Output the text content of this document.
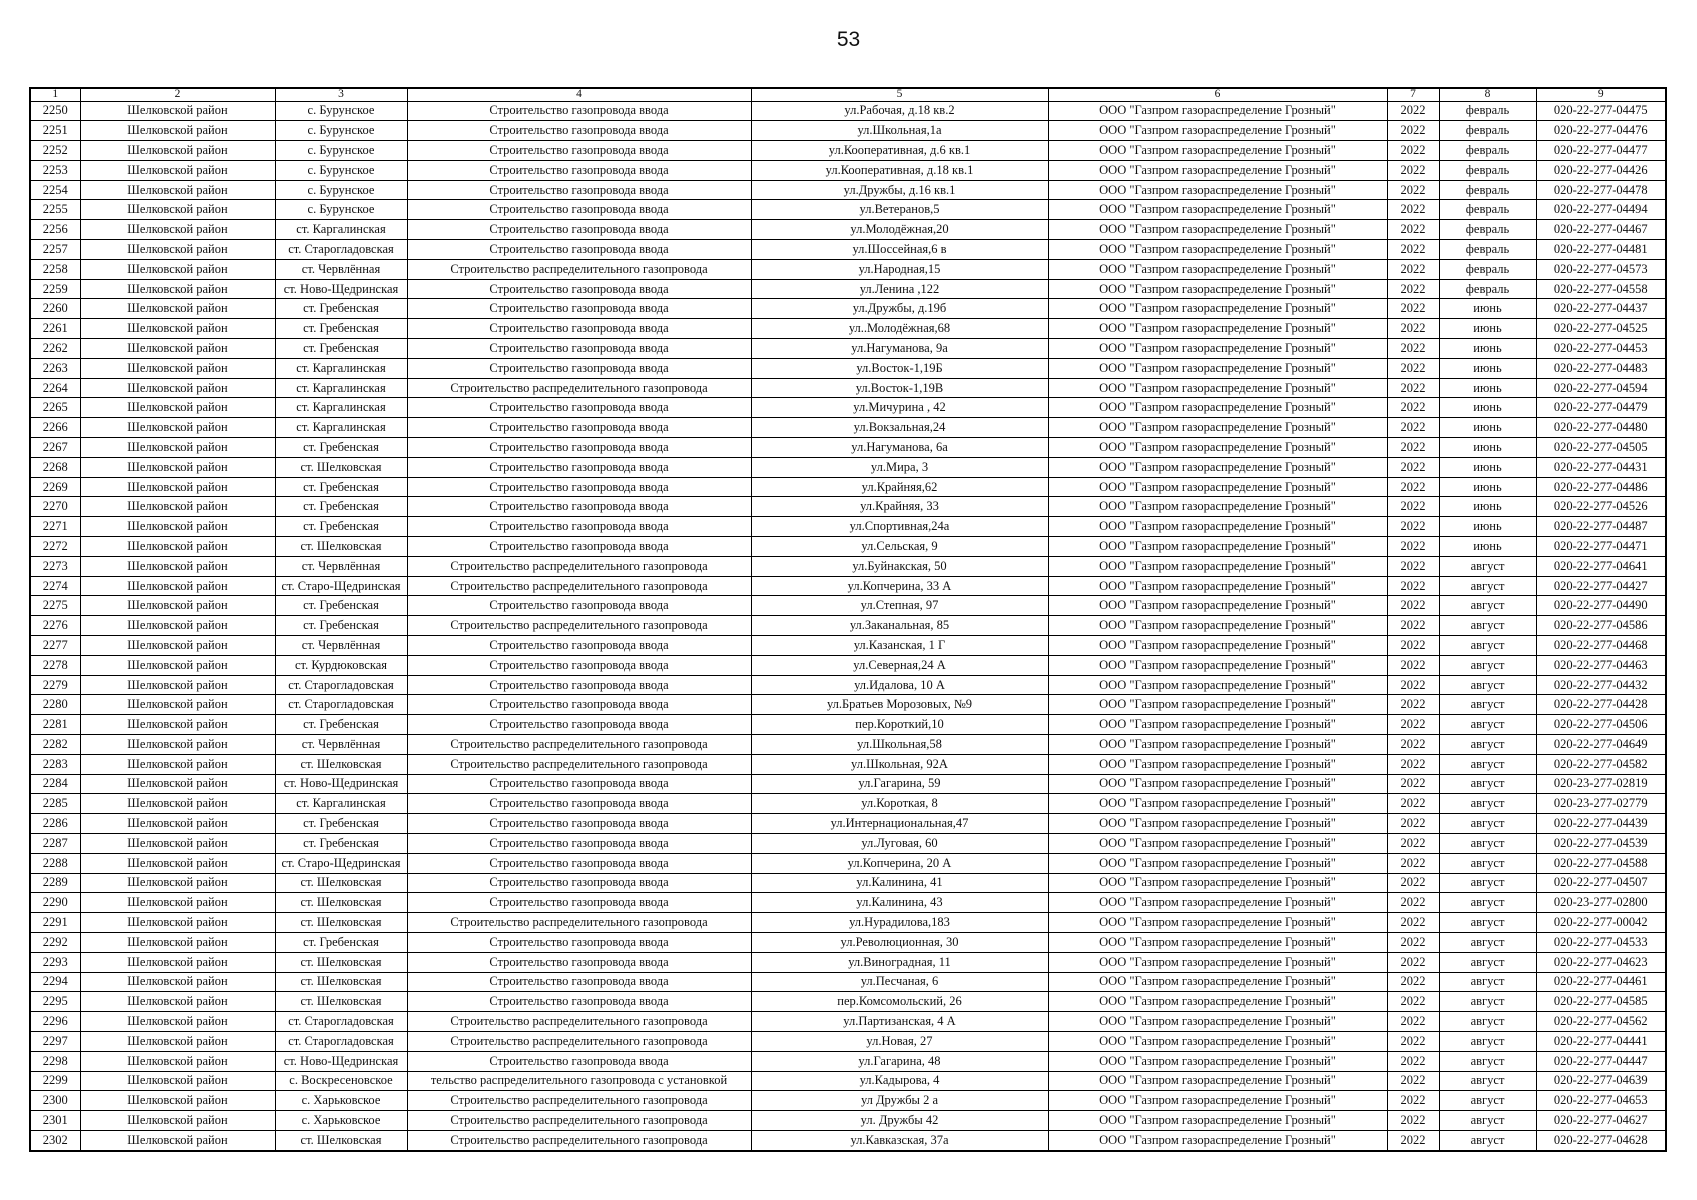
53
1	2	3	4	5	6	7	8	9
2250	Шелковской район	с. Бурунское	Строительство газопровода ввода	ул.Рабочая, д.18 кв.2	ООО "Газпром газораспределение Грозный"	2022	февраль	020-22-277-04475
2251	Шелковской район	с. Бурунское	Строительство газопровода ввода	ул.Школьная,1а	ООО "Газпром газораспределение Грозный"	2022	февраль	020-22-277-04476
2252	Шелковской район	с. Бурунское	Строительство газопровода ввода	ул.Кооперативная, д.6 кв.1	ООО "Газпром газораспределение Грозный"	2022	февраль	020-22-277-04477
2253	Шелковской район	с. Бурунское	Строительство газопровода ввода	ул.Кооперативная, д.18 кв.1	ООО "Газпром газораспределение Грозный"	2022	февраль	020-22-277-04426
2254	Шелковской район	с. Бурунское	Строительство газопровода ввода	ул.Дружбы, д.16 кв.1	ООО "Газпром газораспределение Грозный"	2022	февраль	020-22-277-04478
2255	Шелковской район	с. Бурунское	Строительство газопровода ввода	ул.Ветеранов,5	ООО "Газпром газораспределение Грозный"	2022	февраль	020-22-277-04494
2256	Шелковской район	ст. Каргалинская	Строительство газопровода ввода	ул.Молодёжная,20	ООО "Газпром газораспределение Грозный"	2022	февраль	020-22-277-04467
2257	Шелковской район	ст. Старогладовская	Строительство газопровода ввода	ул.Шоссейная,6 в	ООО "Газпром газораспределение Грозный"	2022	февраль	020-22-277-04481
2258	Шелковской район	ст. Червлённая	Строительство распределительного газопровода	ул.Народная,15	ООО "Газпром газораспределение Грозный"	2022	февраль	020-22-277-04573
2259	Шелковской район	ст. Ново-Щедринская	Строительство газопровода ввода	ул.Ленина ,122	ООО "Газпром газораспределение Грозный"	2022	февраль	020-22-277-04558
2260	Шелковской район	ст. Гребенская	Строительство газопровода ввода	ул.Дружбы, д.19б	ООО "Газпром газораспределение Грозный"	2022	июнь	020-22-277-04437
2261	Шелковской район	ст. Гребенская	Строительство газопровода ввода	ул..Молодёжная,68	ООО "Газпром газораспределение Грозный"	2022	июнь	020-22-277-04525
2262	Шелковской район	ст. Гребенская	Строительство газопровода ввода	ул.Нагуманова, 9а	ООО "Газпром газораспределение Грозный"	2022	июнь	020-22-277-04453
2263	Шелковской район	ст. Каргалинская	Строительство газопровода ввода	ул.Восток-1,19Б	ООО "Газпром газораспределение Грозный"	2022	июнь	020-22-277-04483
2264	Шелковской район	ст. Каргалинская	Строительство распределительного газопровода	ул.Восток-1,19В	ООО "Газпром газораспределение Грозный"	2022	июнь	020-22-277-04594
2265	Шелковской район	ст. Каргалинская	Строительство газопровода ввода	ул.Мичурина , 42	ООО "Газпром газораспределение Грозный"	2022	июнь	020-22-277-04479
2266	Шелковской район	ст. Каргалинская	Строительство газопровода ввода	ул.Вокзальная,24	ООО "Газпром газораспределение Грозный"	2022	июнь	020-22-277-04480
2267	Шелковской район	ст. Гребенская	Строительство газопровода ввода	ул.Нагуманова, 6а	ООО "Газпром газораспределение Грозный"	2022	июнь	020-22-277-04505
2268	Шелковской район	ст. Шелковская	Строительство газопровода ввода	ул.Мира, 3	ООО "Газпром газораспределение Грозный"	2022	июнь	020-22-277-04431
2269	Шелковской район	ст. Гребенская	Строительство газопровода ввода	ул.Крайняя,62	ООО "Газпром газораспределение Грозный"	2022	июнь	020-22-277-04486
2270	Шелковской район	ст. Гребенская	Строительство газопровода ввода	ул.Крайняя, 33	ООО "Газпром газораспределение Грозный"	2022	июнь	020-22-277-04526
2271	Шелковской район	ст. Гребенская	Строительство газопровода ввода	ул.Спортивная,24а	ООО "Газпром газораспределение Грозный"	2022	июнь	020-22-277-04487
2272	Шелковской район	ст. Шелковская	Строительство газопровода ввода	ул.Сельская, 9	ООО "Газпром газораспределение Грозный"	2022	июнь	020-22-277-04471
2273	Шелковской район	ст. Червлённая	Строительство распределительного газопровода	ул.Буйнакская, 50	ООО "Газпром газораспределение Грозный"	2022	август	020-22-277-04641
2274	Шелковской район	ст. Старо-Щедринская	Строительство распределительного газопровода	ул.Копчерина, 33 А	ООО "Газпром газораспределение Грозный"	2022	август	020-22-277-04427
2275	Шелковской район	ст. Гребенская	Строительство газопровода ввода	ул.Степная, 97	ООО "Газпром газораспределение Грозный"	2022	август	020-22-277-04490
2276	Шелковской район	ст. Гребенская	Строительство распределительного газопровода	ул.Заканальная, 85	ООО "Газпром газораспределение Грозный"	2022	август	020-22-277-04586
2277	Шелковской район	ст. Червлённая	Строительство газопровода ввода	ул.Казанская, 1 Г	ООО "Газпром газораспределение Грозный"	2022	август	020-22-277-04468
2278	Шелковской район	ст. Курдюковская	Строительство газопровода ввода	ул.Северная,24 А	ООО "Газпром газораспределение Грозный"	2022	август	020-22-277-04463
2279	Шелковской район	ст. Старогладовская	Строительство газопровода ввода	ул.Идалова, 10 А	ООО "Газпром газораспределение Грозный"	2022	август	020-22-277-04432
2280	Шелковской район	ст. Старогладовская	Строительство газопровода ввода	ул.Братьев Морозовых, №9	ООО "Газпром газораспределение Грозный"	2022	август	020-22-277-04428
2281	Шелковской район	ст. Гребенская	Строительство газопровода ввода	пер.Короткий,10	ООО "Газпром газораспределение Грозный"	2022	август	020-22-277-04506
2282	Шелковской район	ст. Червлённая	Строительство распределительного газопровода	ул.Школьная,58	ООО "Газпром газораспределение Грозный"	2022	август	020-22-277-04649
2283	Шелковской район	ст. Шелковская	Строительство распределительного газопровода	ул.Школьная, 92А	ООО "Газпром газораспределение Грозный"	2022	август	020-22-277-04582
2284	Шелковской район	ст. Ново-Щедринская	Строительство газопровода ввода	ул.Гагарина, 59	ООО "Газпром газораспределение Грозный"	2022	август	020-23-277-02819
2285	Шелковской район	ст. Каргалинская	Строительство газопровода ввода	ул.Короткая, 8	ООО "Газпром газораспределение Грозный"	2022	август	020-23-277-02779
2286	Шелковской район	ст. Гребенская	Строительство газопровода ввода	ул.Интернациональная,47	ООО "Газпром газораспределение Грозный"	2022	август	020-22-277-04439
2287	Шелковской район	ст. Гребенская	Строительство газопровода ввода	ул.Луговая, 60	ООО "Газпром газораспределение Грозный"	2022	август	020-22-277-04539
2288	Шелковской район	ст. Старо-Щедринская	Строительство газопровода ввода	ул.Копчерина, 20 А	ООО "Газпром газораспределение Грозный"	2022	август	020-22-277-04588
2289	Шелковской район	ст. Шелковская	Строительство газопровода ввода	ул.Калинина, 41	ООО "Газпром газораспределение Грозный"	2022	август	020-22-277-04507
2290	Шелковской район	ст. Шелковская	Строительство газопровода ввода	ул.Калинина, 43	ООО "Газпром газораспределение Грозный"	2022	август	020-23-277-02800
2291	Шелковской район	ст. Шелковская	Строительство распределительного газопровода	ул.Нурадилова,183	ООО "Газпром газораспределение Грозный"	2022	август	020-22-277-00042
2292	Шелковской район	ст. Гребенская	Строительство газопровода ввода	ул.Революционная, 30	ООО "Газпром газораспределение Грозный"	2022	август	020-22-277-04533
2293	Шелковской район	ст. Шелковская	Строительство газопровода ввода	ул.Виноградная, 11	ООО "Газпром газораспределение Грозный"	2022	август	020-22-277-04623
2294	Шелковской район	ст. Шелковская	Строительство газопровода ввода	ул.Песчаная, 6	ООО "Газпром газораспределение Грозный"	2022	август	020-22-277-04461
2295	Шелковской район	ст. Шелковская	Строительство газопровода ввода	пер.Комсомольский, 26	ООО "Газпром газораспределение Грозный"	2022	август	020-22-277-04585
2296	Шелковской район	ст. Старогладовская	Строительство распределительного газопровода	ул.Партизанская, 4 А	ООО "Газпром газораспределение Грозный"	2022	август	020-22-277-04562
2297	Шелковской район	ст. Старогладовская	Строительство распределительного газопровода	ул.Новая, 27	ООО "Газпром газораспределение Грозный"	2022	август	020-22-277-04441
2298	Шелковской район	ст. Ново-Щедринская	Строительство газопровода ввода	ул.Гагарина, 48	ООО "Газпром газораспределение Грозный"	2022	август	020-22-277-04447
2299	Шелковской район	с. Воскресеновское	тельство распределительного газопровода с установкой	ул.Кадырова, 4	ООО "Газпром газораспределение Грозный"	2022	август	020-22-277-04639
2300	Шелковской район	с. Харьковское	Строительство распределительного газопровода	ул Дружбы 2 а	ООО "Газпром газораспределение Грозный"	2022	август	020-22-277-04653
2301	Шелковской район	с. Харьковское	Строительство распределительного газопровода	ул. Дружбы 42	ООО "Газпром газораспределение Грозный"	2022	август	020-22-277-04627
2302	Шелковской район	ст. Шелковская	Строительство распределительного газопровода	ул.Кавказская, 37а	ООО "Газпром газораспределение Грозный"	2022	август	020-22-277-04628
